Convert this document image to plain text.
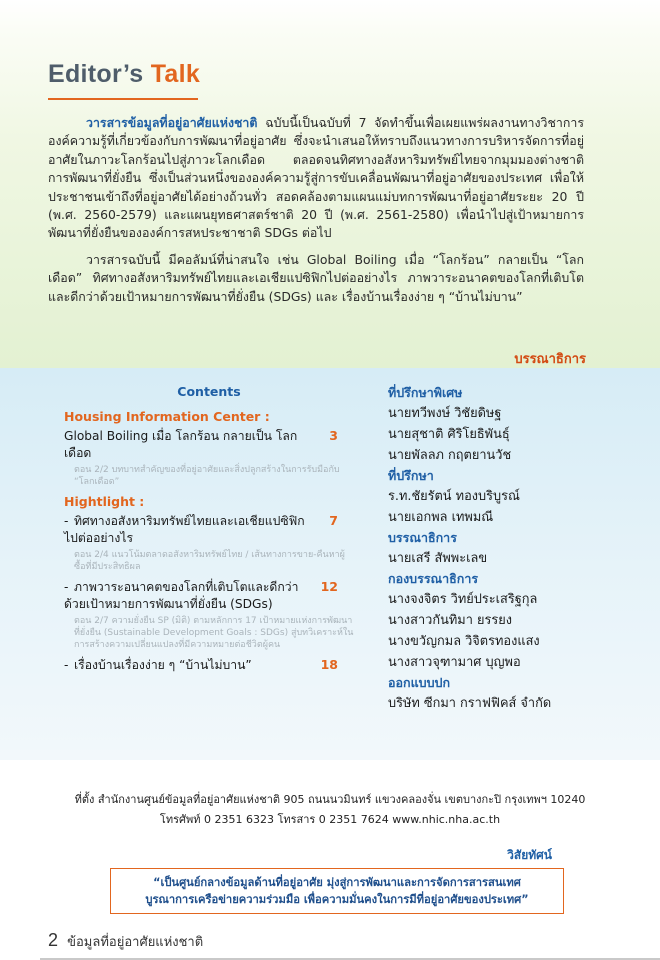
Editor’s Talk

วารสารข้อมูลที่อยู่อาศัยแห่งชาติ ฉบับนี้เป็นฉบับที่ 7 จัดทำขึ้นเพื่อเผยแพร่ผลงานทางวิชาการองค์ความรู้ที่เกี่ยวข้องกับการพัฒนาที่อยู่อาศัย ซึ่งจะนำเสนอให้ทราบถึงแนวทางการบริหารจัดการที่อยู่อาศัยในภาวะโลกร้อนไปสู่ภาวะโลกเดือด ตลอดจนทิศทางอสังหาริมทรัพย์ไทยจากมุมมองต่างชาติ การพัฒนาที่ยั่งยืน ซึ่งเป็นส่วนหนึ่งขององค์ความรู้สู่การขับเคลื่อนพัฒนาที่อยู่อาศัยของประเทศ เพื่อให้ประชาชนเข้าถึงที่อยู่อาศัยได้อย่างถ้วนทั่ว สอดคล้องตามแผนแม่บทการพัฒนาที่อยู่อาศัยระยะ 20 ปี (พ.ศ. 2560-2579) และแผนยุทธศาสตร์ชาติ 20 ปี (พ.ศ. 2561-2580) เพื่อนำไปสู่เป้าหมายการพัฒนาที่ยั่งยืนขององค์การสหประชาชาติ SDGs ต่อไป

วารสารฉบับนี้ มีคอลัมน์ที่น่าสนใจ เช่น Global Boiling เมื่อ “โลกร้อน” กลายเป็น “โลกเดือด” ทิศทางอสังหาริมทรัพย์ไทยและเอเชียแปซิฟิกไปต่ออย่างไร ภาพวาระอนาคตของโลกที่เติบโตและดีกว่าด้วยเป้าหมายการพัฒนาที่ยั่งยืน (SDGs) และ เรื่องบ้านเรื่องง่าย ๆ “บ้านไม่บาน”

บรรณาธิการ
Contents
Housing Information Center :
Global Boiling เมื่อ โลกร้อน กลายเป็น โลกเดือด
3
ตอน 2/2 บทบาทสำคัญของที่อยู่อาศัยและสิ่งปลูกสร้างในการรับมือกับ “โลกเดือด”
Hightlight :
- ทิศทางอสังหาริมทรัพย์ไทยและเอเชียแปซิฟิก ไปต่ออย่างไร
7
ตอน 2/4 แนวโน้มตลาดอสังหาริมทรัพย์ไทย / เส้นทางการขาย-คืนหาผู้ซื้อที่มีประสิทธิผล
- ภาพวาระอนาคตของโลกที่เติบโตและดีกว่าด้วยเป้าหมายการพัฒนาที่ยั่งยืน (SDGs)
12
ตอน 2/7 ความยั่งยืน SP (มิติ) ตามหลักการ 17 เป้าหมายแห่งการพัฒนาที่ยั่งยืน (Sustainable Development Goals : SDGs) สู่บทวิเคราะห์ในการสร้างความเปลี่ยนแปลงที่มีความหมายต่อชีวิตผู้คน
- เรื่องบ้านเรื่องง่าย ๆ “บ้านไม่บาน”	18
ที่ปรึกษาพิเศษ
นายทวีพงษ์ วิชัยดิษฐ
นายสุชาติ ศิริโยธิพันธุ์
นายพัลลภ กฤตยานวัช
ที่ปรึกษา
ร.ท.ชัยรัตน์ ทองบริบูรณ์
นายเอกพล เทพมณี
บรรณาธิการ
นายเสรี สัพพะเลข
กองบรรณาธิการ
นางจงจิตร วิทย์ประเสริฐกุล
นางสาวกันทิมา ยรรยง
นางขวัญกมล วิจิตรทองแสง
นางสาวจุฑามาศ บุญพอ
ออกแบบปก
บริษัท ซีกมา กราฟฟิคส์ จำกัด
ที่ตั้ง สำนักงานศูนย์ข้อมูลที่อยู่อาศัยแห่งชาติ 905 ถนนนวมินทร์ แขวงคลองจั่น เขตบางกะปิ กรุงเทพฯ 10240
โทรศัพท์ 0 2351 6323 โทรสาร 0 2351 7624 www.nhic.nha.ac.th
วิสัยทัศน์
“เป็นศูนย์กลางข้อมูลด้านที่อยู่อาศัย มุ่งสู่การพัฒนาและการจัดการสารสนเทศ
บูรณาการเครือข่ายความร่วมมือ เพื่อความมั่นคงในการมีที่อยู่อาศัยของประเทศ”
2 ข้อมูลที่อยู่อาศัยแห่งชาติ
